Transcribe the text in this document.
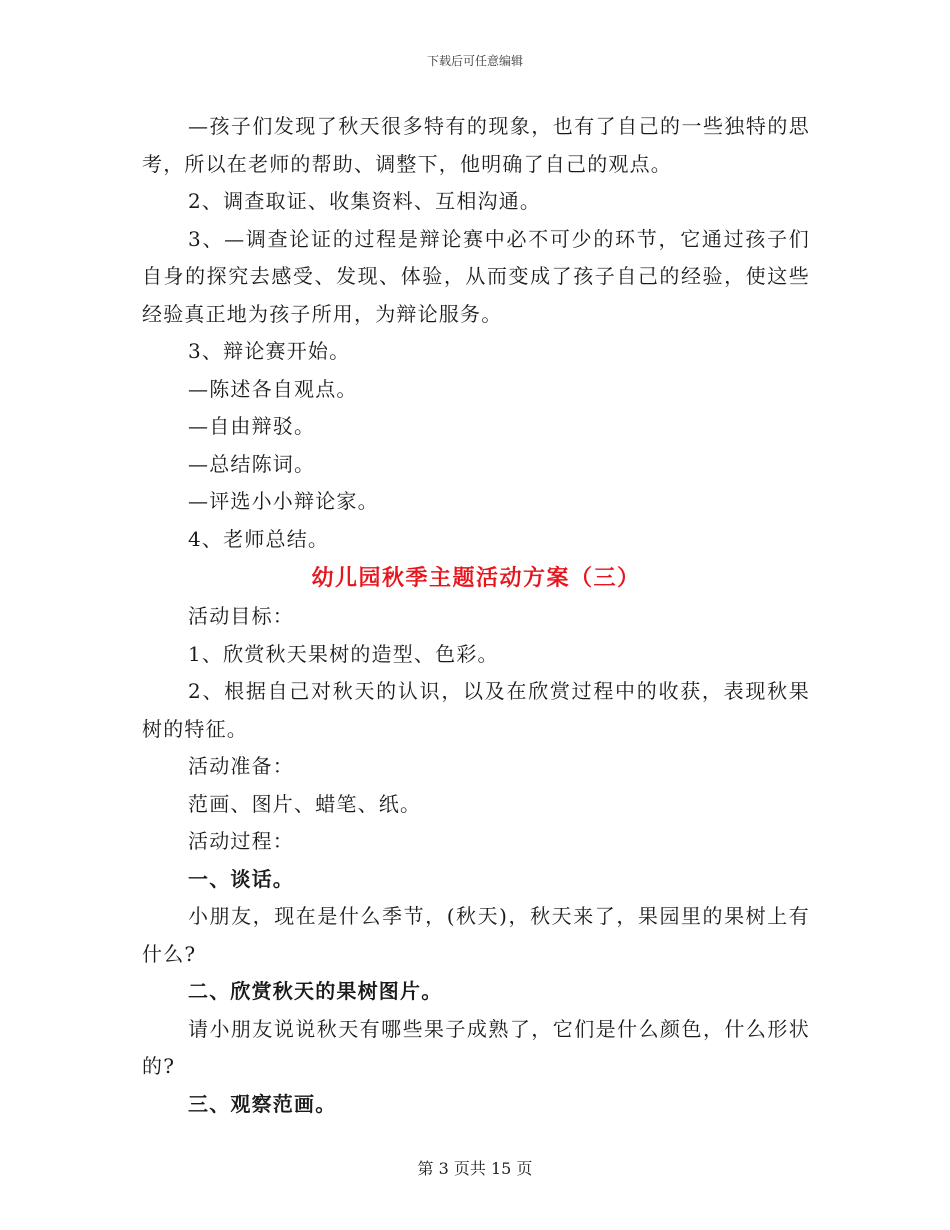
下载后可任意编辑

—孩子们发现了秋天很多特有的现象，也有了自己的一些独特的思考，所以在老师的帮助、调整下，他明确了自己的观点。

2、调查取证、收集资料、互相沟通。

3、—调查论证的过程是辩论赛中必不可少的环节，它通过孩子们自身的探究去感受、发现、体验，从而变成了孩子自己的经验，使这些经验真正地为孩子所用，为辩论服务。

3、辩论赛开始。

—陈述各自观点。

—自由辩驳。

—总结陈词。

—评选小小辩论家。

4、老师总结。

幼儿园秋季主题活动方案（三）

活动目标：

1、欣赏秋天果树的造型、色彩。

2、根据自己对秋天的认识，以及在欣赏过程中的收获，表现秋果树的特征。

活动准备：

范画、图片、蜡笔、纸。

活动过程：

一、谈话。

小朋友，现在是什么季节，(秋天)，秋天来了，果园里的果树上有什么?

二、欣赏秋天的果树图片。

请小朋友说说秋天有哪些果子成熟了，它们是什么颜色，什么形状的?

三、观察范画。

第 3 页共 15 页
